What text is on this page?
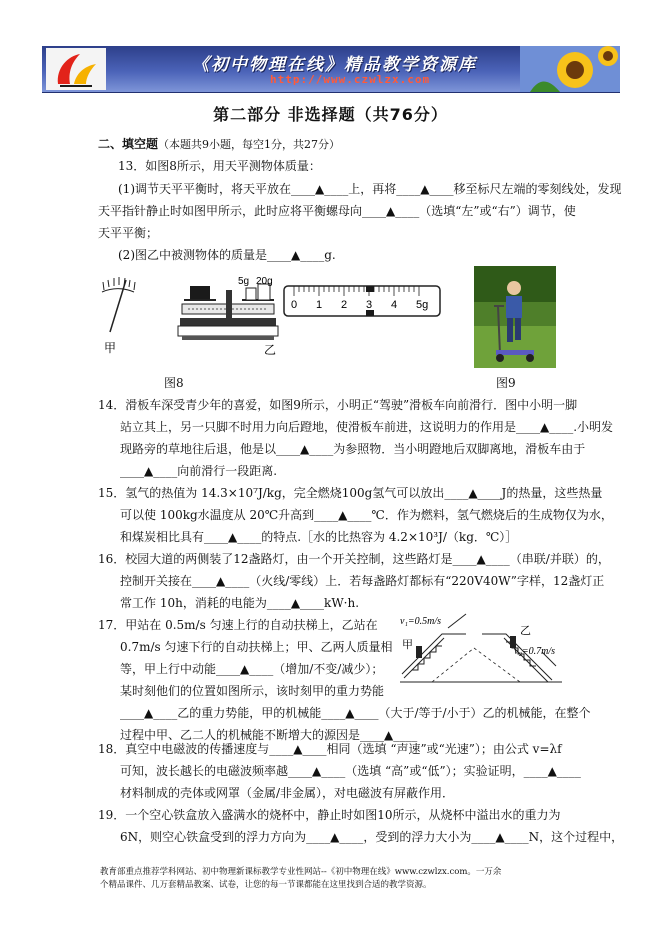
《初中物理在线》精品教学资源库
http://www.czwlzx.com
第二部分 非选择题（共76分）
二、填空题（本题共9小题，每空1分，共27分）
13．如图8所示，用天平测物体质量：
(1)调节天平平衡时，将天平放在____▲____上，再将____▲____移至标尺左端的零刻线处，发现
天平指针静止时如图甲所示，此时应将平衡螺母向____▲____（选填“左”或“右”）调节，使
天平平衡；
(2)图乙中被测物体的质量是____▲____g.
5g 20g
0 1 2 3 4 5g
甲	乙
图8	图9
14．滑板车深受青少年的喜爱，如图9所示，小明正“驾驶”滑板车向前滑行．图中小明一脚
站立其上，另一只脚不时用力向后蹬地，使滑板车前进，这说明力的作用是____▲____.小明发
现路旁的草地往后退，他是以____▲____为参照物．当小明蹬地后双脚离地，滑板车由于
____▲____向前滑行一段距离.
15．氢气的热值为 14.3×10⁷J/kg，完全燃烧100g氢气可以放出____▲____J的热量，这些热量
可以使 100kg水温度从 20℃升高到____▲____℃．作为燃料，氢气燃烧后的生成物仅为水，
和煤炭相比具有____▲____的特点.［水的比热容为 4.2×10³J/（kg．℃）］
16．校园大道的两侧装了12盏路灯，由一个开关控制，这些路灯是____▲____（串联/并联）的，
控制开关接在____▲____（火线/零线）上．若每盏路灯都标有“220V40W”字样，12盏灯正
常工作 10h，消耗的电能为____▲____kW·h.
17．甲站在 0.5m/s 匀速上行的自动扶梯上，乙站在
0.7m/s 匀速下行的自动扶梯上；甲、乙两人质量相
等，甲上行中动能____▲____（增加/不变/减少）；
某时刻他们的位置如图所示，该时刻甲的重力势能
____▲____乙的重力势能，甲的机械能____▲____（大于/等于/小于）乙的机械能，在整个
过程中甲、乙二人的机械能不断增大的源因是____▲____
v₁=0.5m/s
v₂=0.7m/s
甲
乙
18．真空中电磁波的传播速度与____▲____相同（选填 “声速”或“光速”）；由公式 v=λf
可知，波长越长的电磁波频率越____▲____（选填 “高”或“低”）；实验证明，____▲____
材料制成的壳体或网罩（金属/非金属），对电磁波有屏蔽作用．
19．一个空心铁盒放入盛满水的烧杯中，静止时如图10所示，从烧杯中溢出水的重力为
6N，则空心铁盒受到的浮力方向为____▲____，受到的浮力大小为____▲____N，这个过程中，
教育部重点推荐学科网站、初中物理新课标教学专业性网站--《初中物理在线》www.czwlzx.com。一万余
个精品课件、几万套精品教案、试卷，让您的每一节课都能在这里找到合适的教学资源。
